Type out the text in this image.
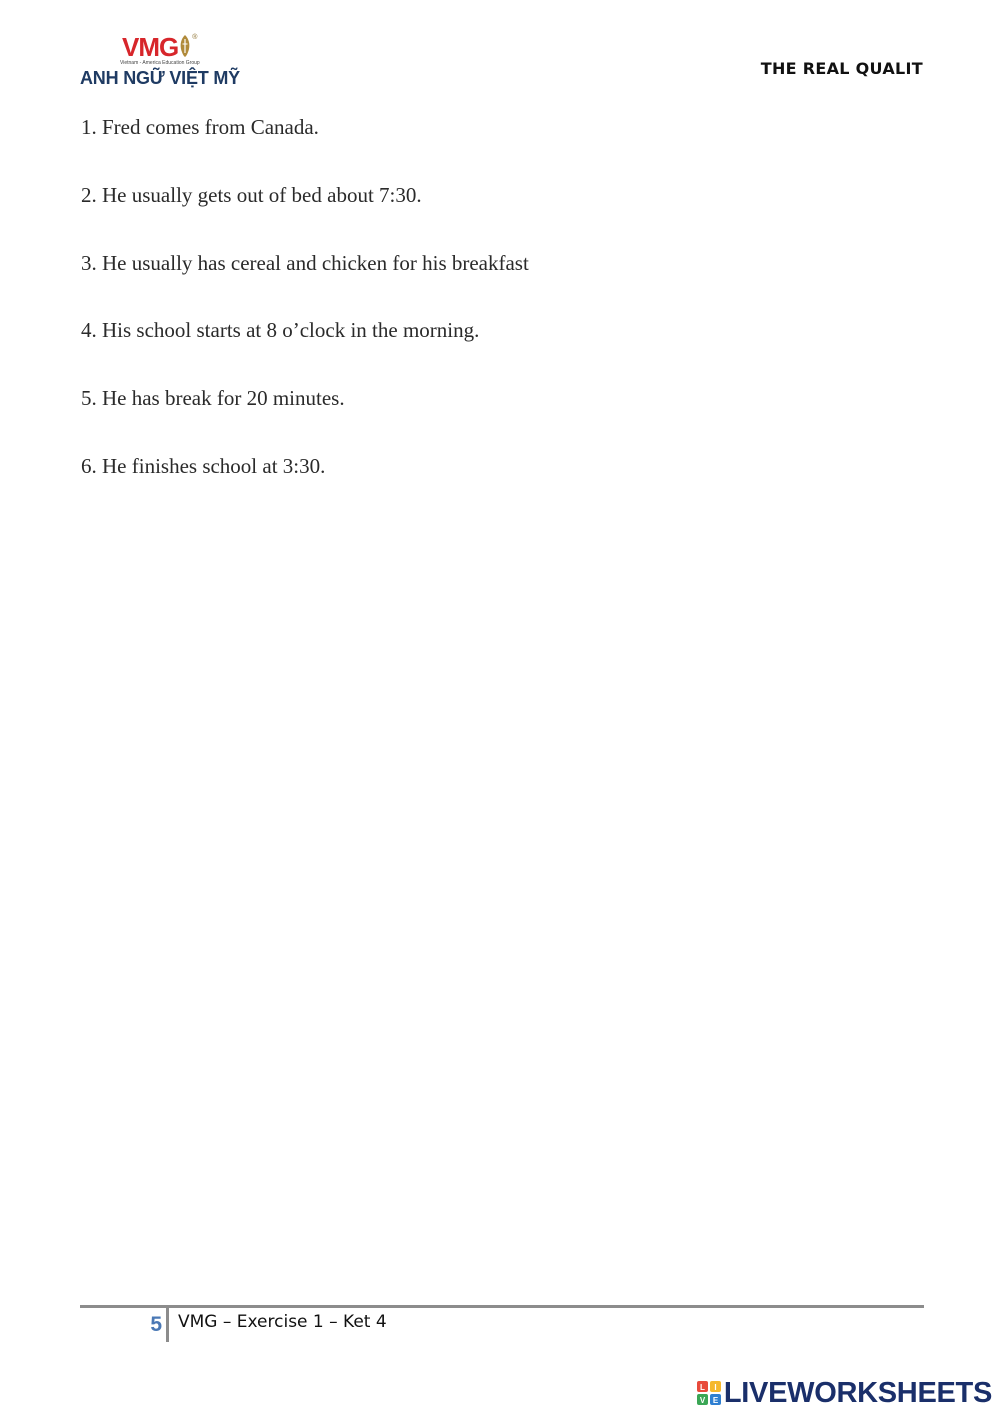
VMG ®
Vietnam - America Education Group
ANH NGỮ VIỆT MỸ	THE REAL QUALIT
1. Fred comes from Canada.
2. He usually gets out of bed about 7:30.
3. He usually has cereal and chicken for his breakfast
4. His school starts at 8 o’clock in the morning.
5. He has break for 20 minutes.
6. He finishes school at 3:30.
5 VMG – Exercise 1 – Ket 4
L I
V E LIVEWORKSHEETS
